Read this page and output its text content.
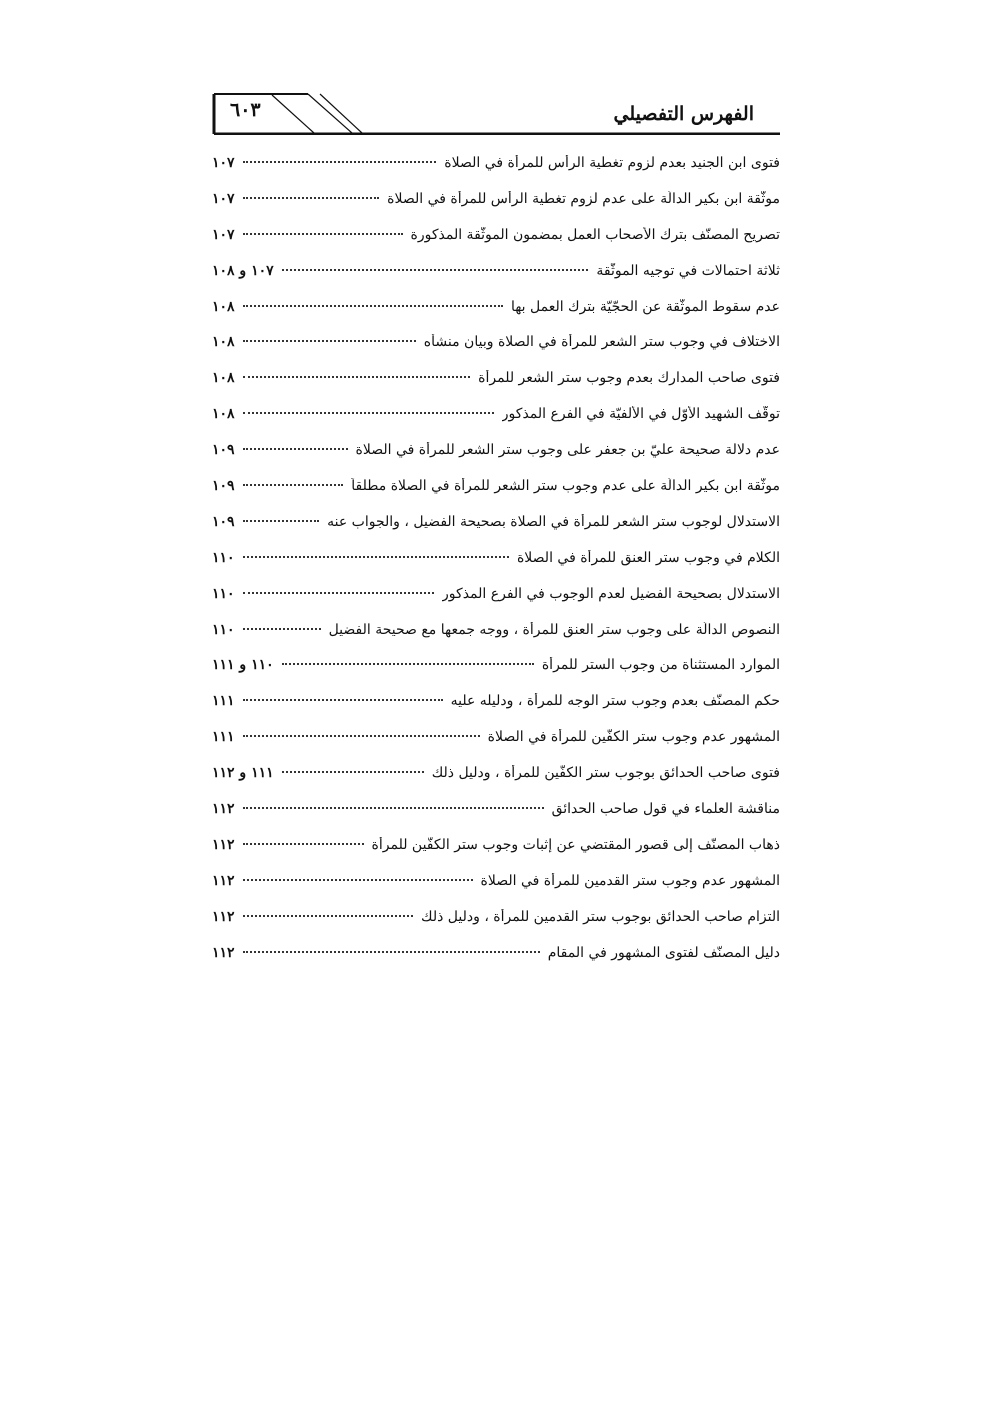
٦٠٣	الفهرس التفصيلي
فتوى ابن الجنيد بعدم لزوم تغطية الرأس للمرأة في الصلاة
١٠٧
موثّقة ابن بكير الدالّة على عدم لزوم تغطية الرأس للمرأة في الصلاة
١٠٧
تصريح المصنّف بترك الأصحاب العمل بمضمون الموثّقة المذكورة
١٠٧
ثلاثة احتمالات في توجيه الموثّقة
١٠٧ و ١٠٨
عدم سقوط الموثّقة عن الحجّيّة بترك العمل بها
١٠٨
الاختلاف في وجوب ستر الشعر للمرأة في الصلاة وبيان منشأه
١٠٨
فتوى صاحب المدارك بعدم وجوب ستر الشعر للمرأة
١٠٨
توقّف الشهيد الأوّل في الألفيّة في الفرع المذكور
١٠٨
عدم دلالة صحيحة عليّ بن جعفر على وجوب ستر الشعر للمرأة في الصلاة
١٠٩
موثّقة ابن بكير الدالّة على عدم وجوب ستر الشعر للمرأة في الصلاة مطلقاً
١٠٩
الاستدلال لوجوب ستر الشعر للمرأة في الصلاة بصحيحة الفضيل ، والجواب عنه
١٠٩
الكلام في وجوب ستر العنق للمرأة في الصلاة
١١٠
الاستدلال بصحيحة الفضيل لعدم الوجوب في الفرع المذكور
١١٠
النصوص الدالّة على وجوب ستر العنق للمرأة ، ووجه جمعها مع صحيحة الفضيل
١١٠
الموارد المستثناة من وجوب الستر للمرأة
١١٠ و ١١١
حكم المصنّف بعدم وجوب ستر الوجه للمرأة ، ودليله عليه
١١١
المشهور عدم وجوب ستر الكفّين للمرأة في الصلاة
١١١
فتوى صاحب الحدائق بوجوب ستر الكفّين للمرأة ، ودليل ذلك
١١١ و ١١٢
مناقشة العلماء في قول صاحب الحدائق
١١٢
ذهاب المصنّف إلى قصور المقتضي عن إثبات وجوب ستر الكفّين للمرأة
١١٢
المشهور عدم وجوب ستر القدمين للمرأة في الصلاة
١١٢
التزام صاحب الحدائق بوجوب ستر القدمين للمرأة ، ودليل ذلك
١١٢
دليل المصنّف لفتوى المشهور في المقام
١١٢
